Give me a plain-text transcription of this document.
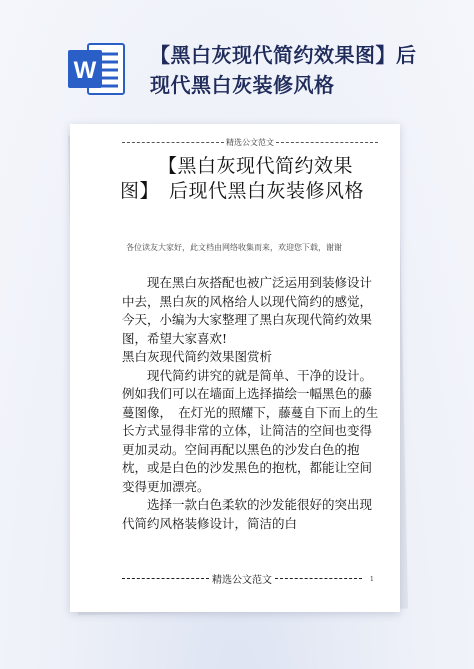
W
【黑白灰现代简约效果图】后
现代黑白灰装修风格
精选公文范文
【黑白灰现代简约效果图】　后现代黑白灰装修风格
各位读友大家好，此文档由网络收集而来，欢迎您下载，谢谢

现在黑白灰搭配也被广泛运用到装修设计中去，黑白灰的风格给人以现代简约的感觉，今天，小编为大家整理了黑白灰现代简约效果图，希望大家喜欢!

黑白灰现代简约效果图赏析

现代简约讲究的就是简单、干净的设计。例如我们可以在墙面上选择描绘一幅黑色的藤蔓图像，　在灯光的照耀下，藤蔓自下而上的生长方式显得非常的立体，让简洁的空间也变得更加灵动。空间再配以黑色的沙发白色的抱枕，或是白色的沙发黑色的抱枕，都能让空间变得更加漂亮。

选择一款白色柔软的沙发能很好的突出现代简约风格装修设计，简洁的白

精选公文范文	1
